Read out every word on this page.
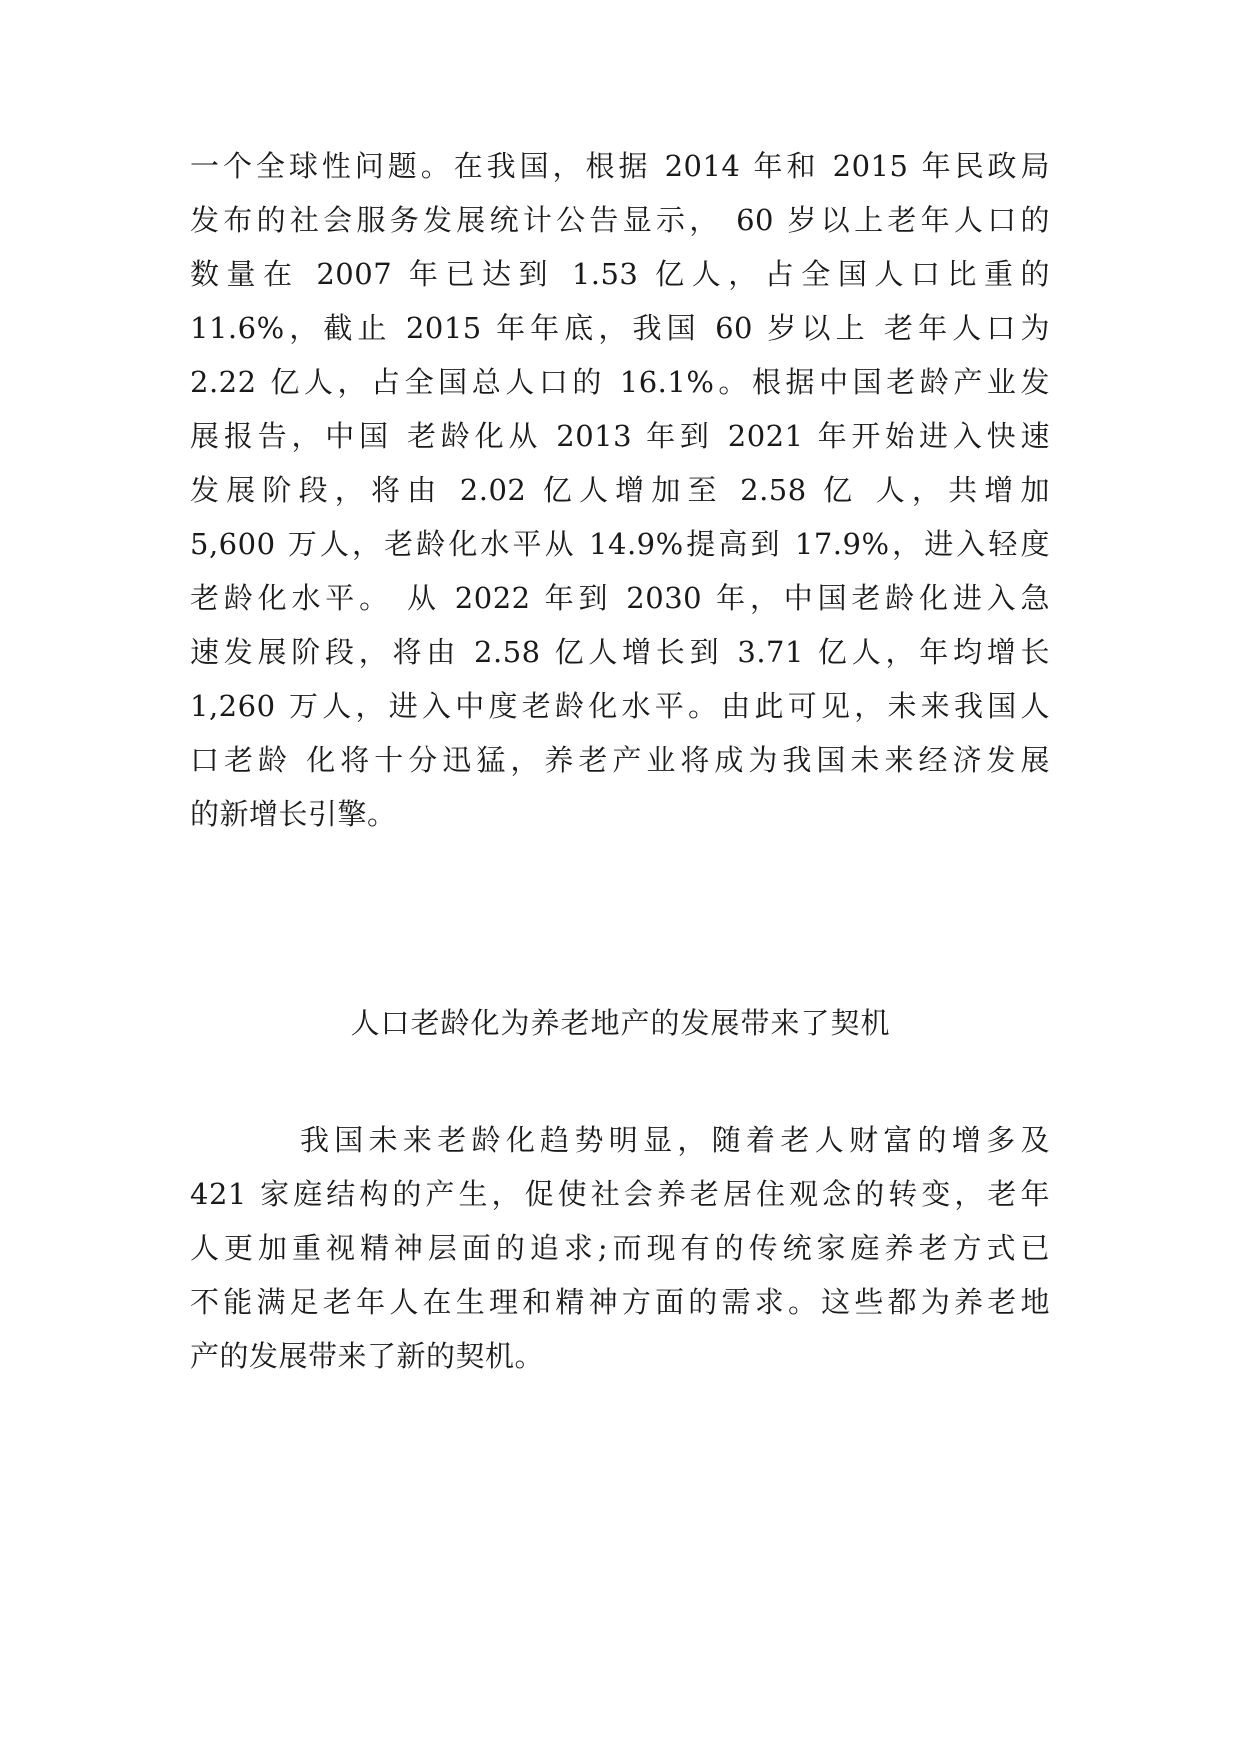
一个全球性问题。在我国，根据 2014 年和 2015 年民政局
发布的社会服务发展统计公告显示， 60 岁以上老年人口的
数量在 2007 年已达到 1.53 亿人，占全国人口比重的
11.6%，截止 2015 年年底，我国 60 岁以上 老年人口为
2.22 亿人，占全国总人口的 16.1%。根据中国老龄产业发
展报告，中国 老龄化从 2013 年到 2021 年开始进入快速
发展阶段，将由 2.02 亿人增加至 2.58 亿 人，共增加
5,600 万人，老龄化水平从 14.9%提高到 17.9%，进入轻度
老龄化水平。 从 2022 年到 2030 年，中国老龄化进入急
速发展阶段，将由 2.58 亿人增长到 3.71 亿人，年均增长
1,260 万人，进入中度老龄化水平。由此可见，未来我国人
口老龄 化将十分迅猛，养老产业将成为我国未来经济发展
的新增长引擎。
人口老龄化为养老地产的发展带来了契机
我国未来老龄化趋势明显，随着老人财富的增多及
421 家庭结构的产生，促使社会养老居住观念的转变，老年
人更加重视精神层面的追求;而现有的传统家庭养老方式已
不能满足老年人在生理和精神方面的需求。这些都为养老地
产的发展带来了新的契机。
